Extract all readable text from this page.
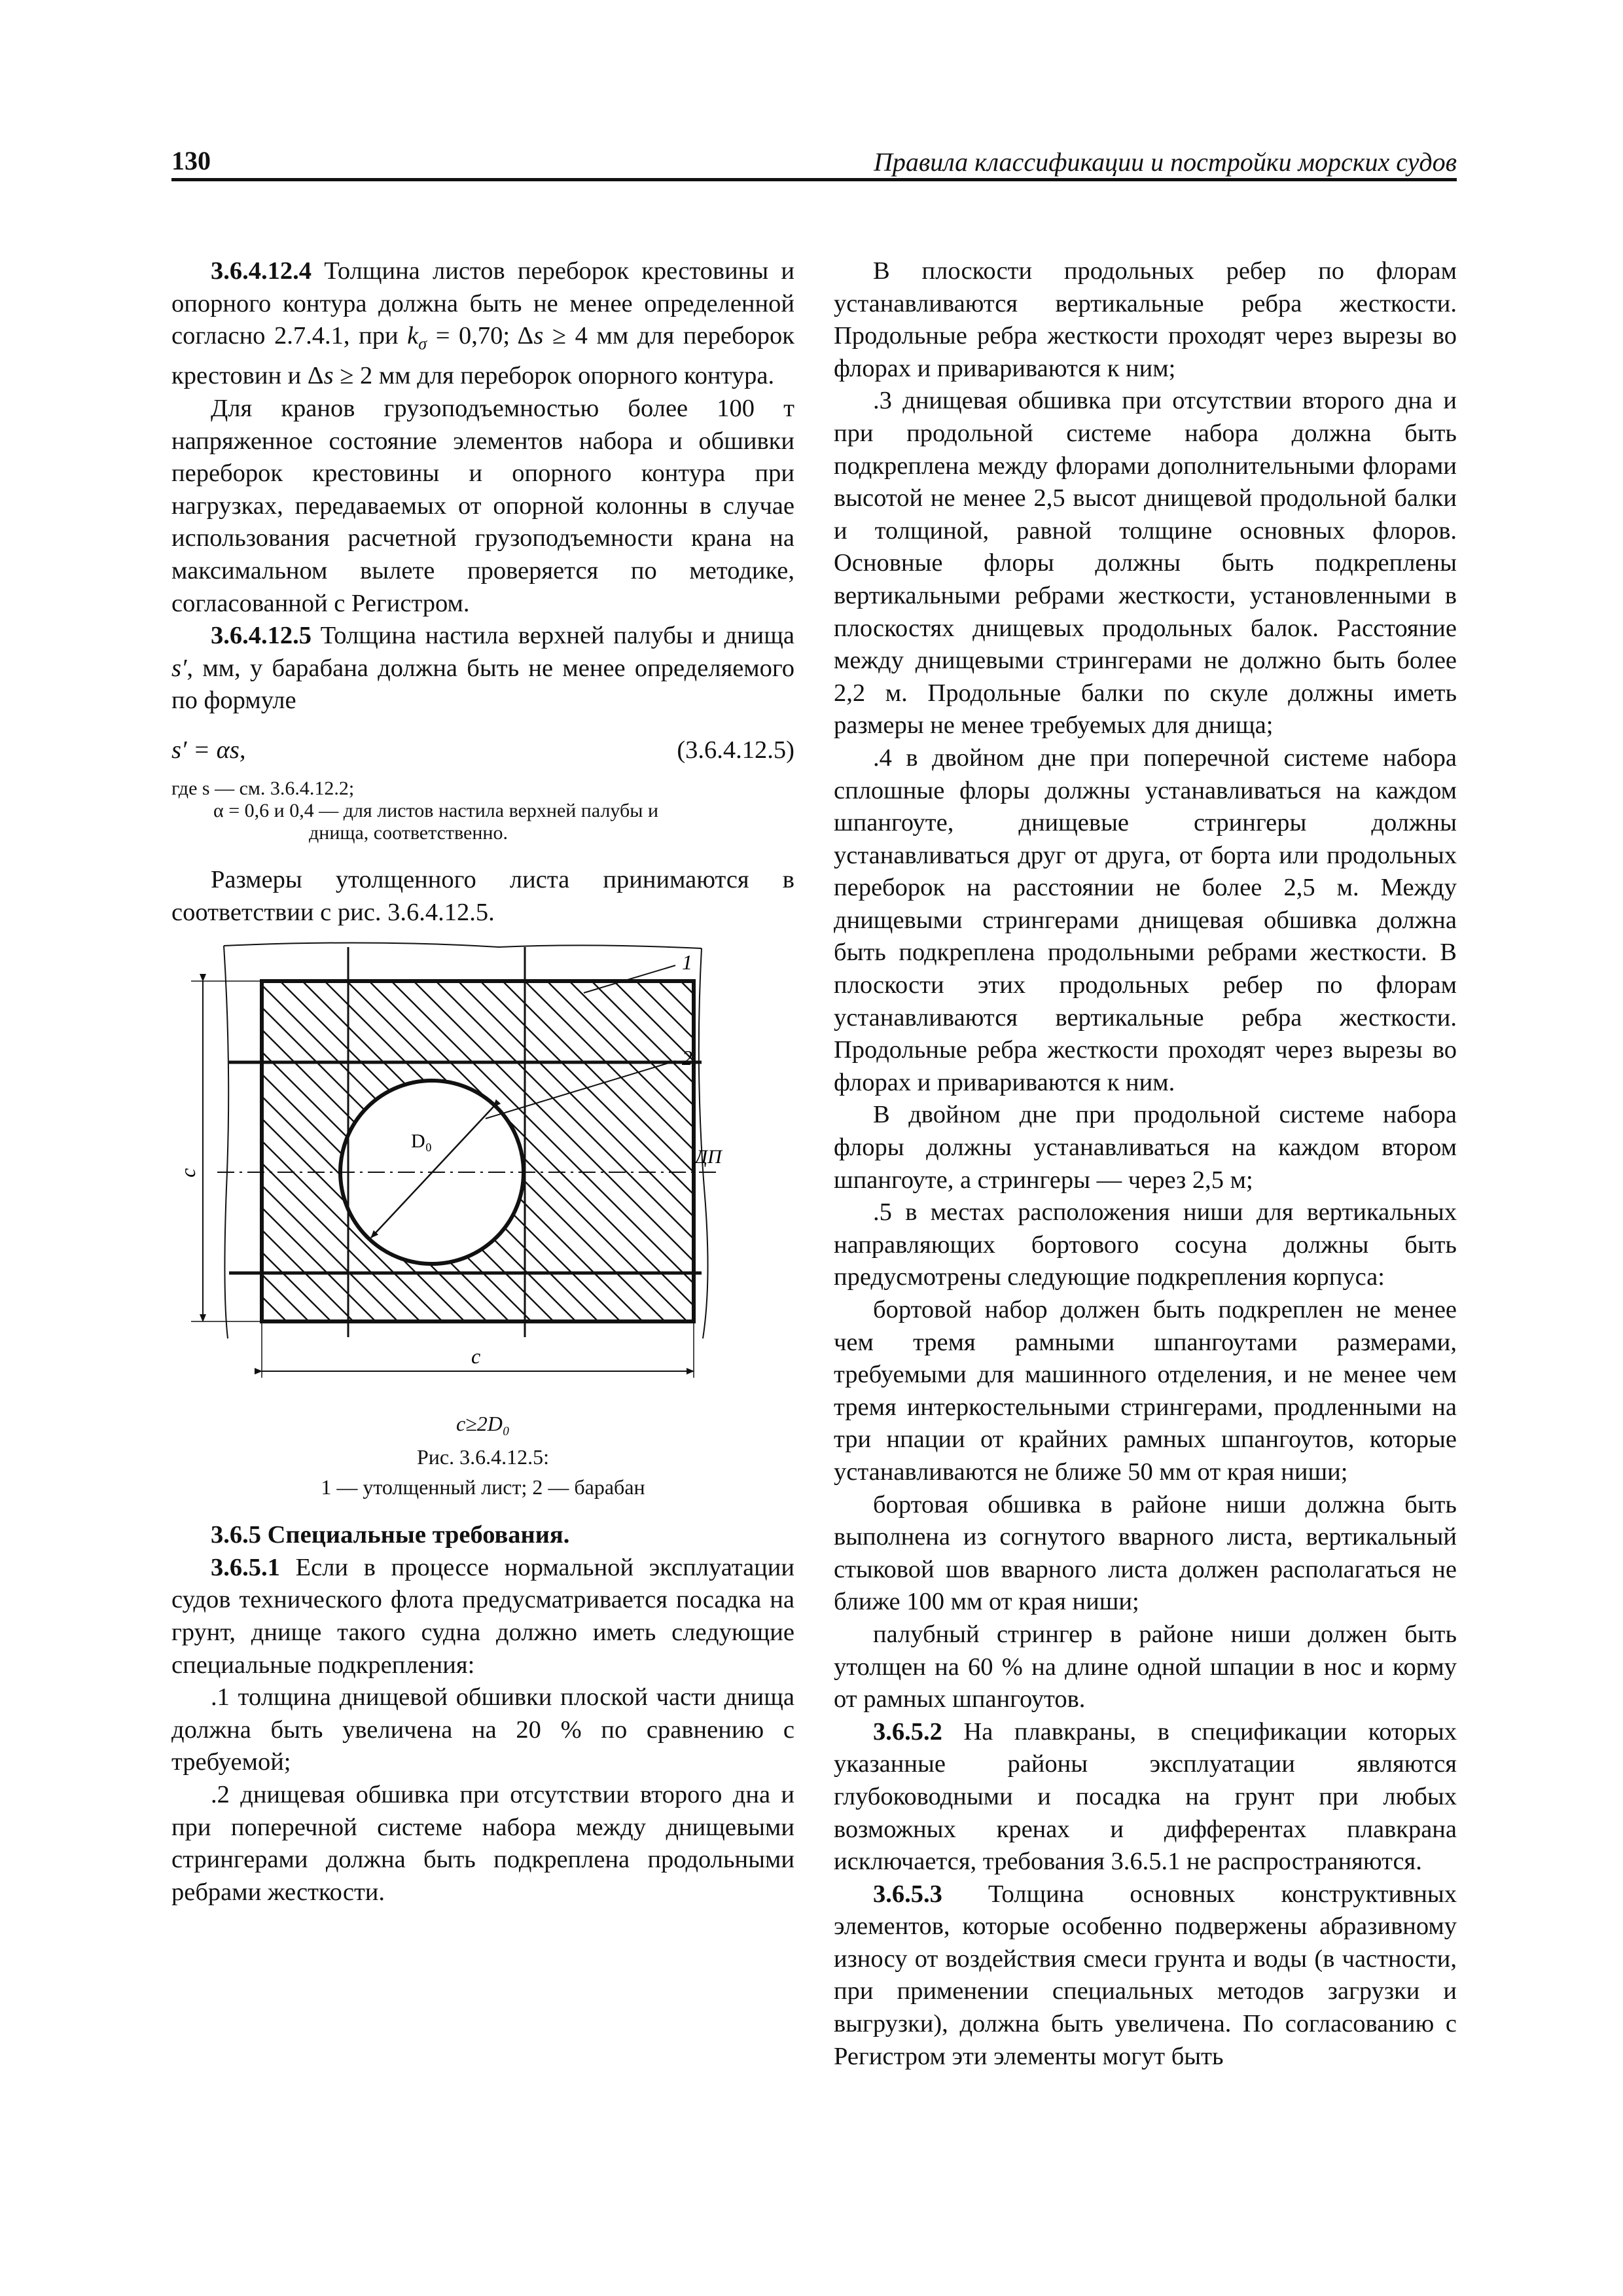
130	Правила классификации и постройки морских судов

3.6.4.12.4 Толщина листов переборок крестовины и опорного контура должна быть не менее определенной согласно 2.7.4.1, при $k_\sigma = 0,70$; Δs ≥ 4 мм для переборок крестовин и Δs ≥ 2 мм для переборок опорного контура.

Для кранов грузоподъемностью более 100 т напряженное состояние элементов набора и обшивки переборок крестовины и опорного контура при нагрузках, передаваемых от опорной колонны в случае использования расчетной грузоподъемности крана на максимальном вылете проверяется по методике, согласованной с Регистром.

3.6.4.12.5 Толщина настила верхней палубы и днища s′, мм, у барабана должна быть не менее определяемого по формуле

s′ = αs,	(3.6.4.12.5)
где s — см. 3.6.4.12.2;
α = 0,6 и 0,4 — для листов настила верхней палубы и
днища, соответственно.

Размеры утолщенного листа принимаются в соответствии с рис. 3.6.4.12.5.

1
2
D₀
ДП
c
c
c≥2D₀
Рис. 3.6.4.12.5:
1 — утолщенный лист; 2 — барабан

3.6.5 Специальные требования.

3.6.5.1 Если в процессе нормальной эксплуатации судов технического флота предусматривается посадка на грунт, днище такого судна должно иметь следующие специальные подкрепления:

.1 толщина днищевой обшивки плоской части днища должна быть увеличена на 20 % по сравнению с требуемой;

.2 днищевая обшивка при отсутствии второго дна и при поперечной системе набора между днищевыми стрингерами должна быть подкреплена продольными ребрами жесткости.

В плоскости продольных ребер по флорам устанавливаются вертикальные ребра жесткости. Продольные ребра жесткости проходят через вырезы во флорах и привариваются к ним;

.3 днищевая обшивка при отсутствии второго дна и при продольной системе набора должна быть подкреплена между флорами дополнительными флорами высотой не менее 2,5 высот днищевой продольной балки и толщиной, равной толщине основных флоров. Основные флоры должны быть подкреплены вертикальными ребрами жесткости, установленными в плоскостях днищевых продольных балок. Расстояние между днищевыми стрингерами не должно быть более 2,2 м. Продольные балки по скуле должны иметь размеры не менее требуемых для днища;

.4 в двойном дне при поперечной системе набора сплошные флоры должны устанавливаться на каждом шпангоуте, днищевые стрингеры должны устанавливаться друг от друга, от борта или продольных переборок на расстоянии не более 2,5 м. Между днищевыми стрингерами днищевая обшивка должна быть подкреплена продольными ребрами жесткости. В плоскости этих продольных ребер по флорам устанавливаются вертикальные ребра жесткости. Продольные ребра жесткости проходят через вырезы во флорах и привариваются к ним.

В двойном дне при продольной системе набора флоры должны устанавливаться на каждом втором шпангоуте, а стрингеры — через 2,5 м;

.5 в местах расположения ниши для вертикальных направляющих бортового сосуна должны быть предусмотрены следующие подкрепления корпуса:

бортовой набор должен быть подкреплен не менее чем тремя рамными шпангоутами размерами, требуемыми для машинного отделения, и не менее чем тремя интеркостельными стрингерами, продленными на три нпации от крайних рамных шпангоутов, которые устанавливаются не ближе 50 мм от края ниши;

бортовая обшивка в районе ниши должна быть выполнена из согнутого вварного листа, вертикальный стыковой шов вварного листа должен располагаться не ближе 100 мм от края ниши;

палубный стрингер в районе ниши должен быть утолщен на 60 % на длине одной шпации в нос и корму от рамных шпангоутов.

3.6.5.2 На плавкраны, в спецификации которых указанные районы эксплуатации являются глубоководными и посадка на грунт при любых возможных кренах и дифферентах плавкрана исключается, требования 3.6.5.1 не распространяются.

3.6.5.3 Толщина основных конструктивных элементов, которые особенно подвержены абразивному износу от воздействия смеси грунта и воды (в частности, при применении специальных методов загрузки и выгрузки), должна быть увеличена. По согласованию с Регистром эти элементы могут быть
